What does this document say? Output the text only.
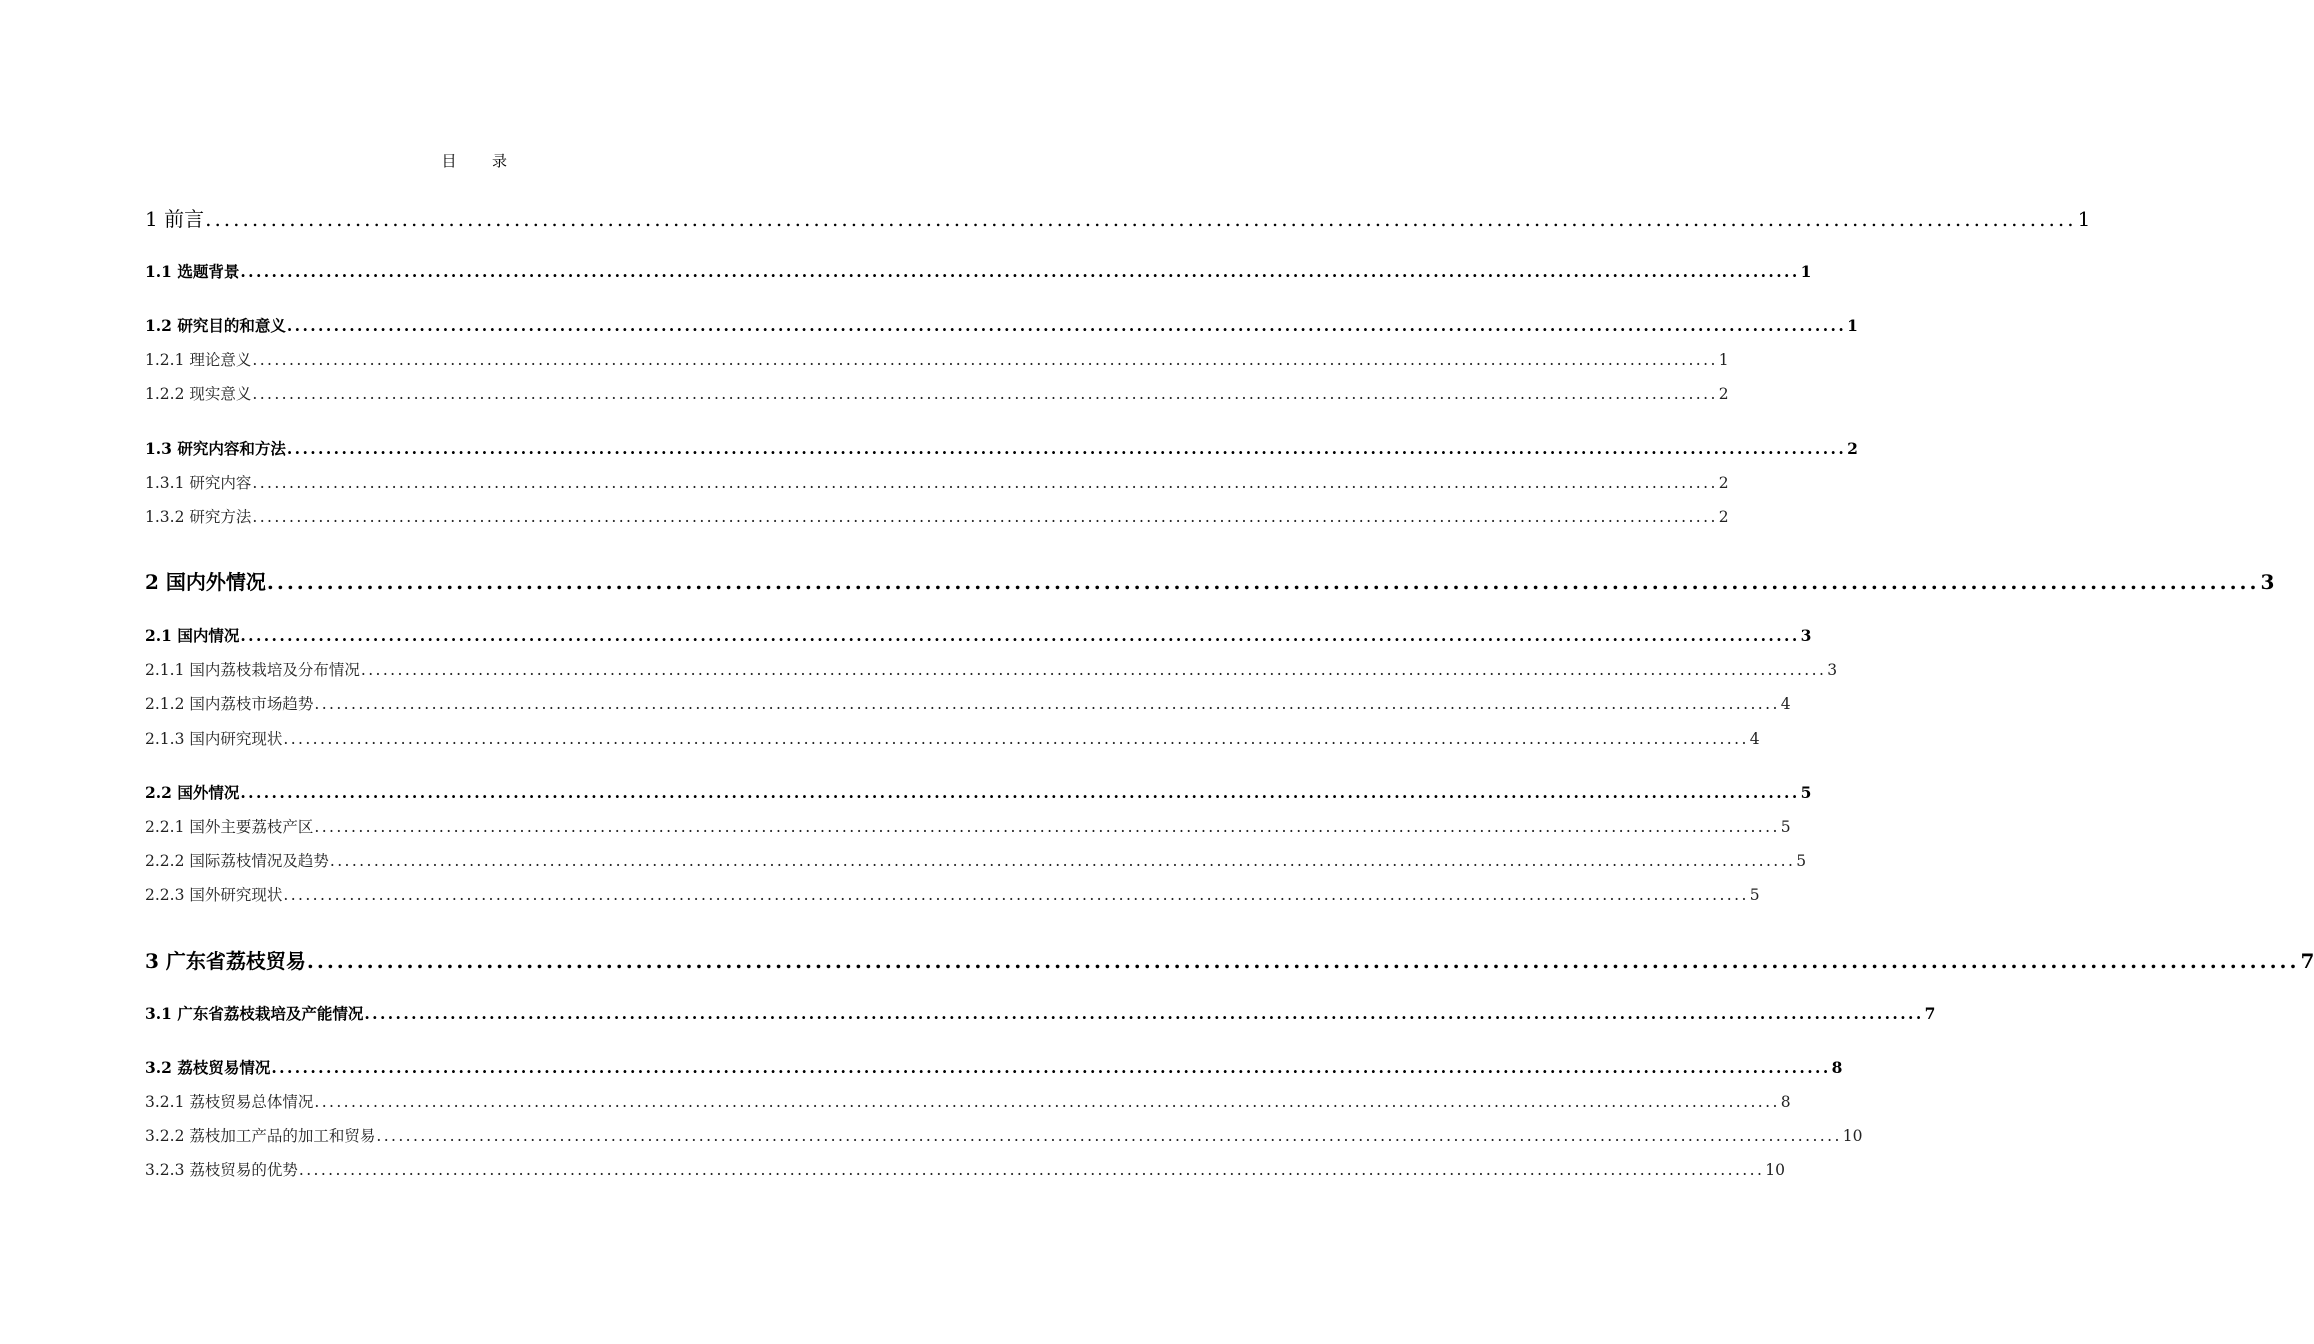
目 录
1 前言 ........................................................................................................................................................................................................ 1
1.1 选题背景 ........................................................................................................................................................................................................ 1
1.2 研究目的和意义 ........................................................................................................................................................................................................ 1
1.2.1 理论意义 ........................................................................................................................................................................................................ 1
1.2.2 现实意义 ........................................................................................................................................................................................................ 2
1.3 研究内容和方法 ........................................................................................................................................................................................................ 2
1.3.1 研究内容 ........................................................................................................................................................................................................ 2
1.3.2 研究方法 ........................................................................................................................................................................................................ 2
2 国内外情况 ........................................................................................................................................................................................................ 3
2.1 国内情况 ........................................................................................................................................................................................................ 3
2.1.1 国内荔枝栽培及分布情况 ........................................................................................................................................................................................................ 3
2.1.2 国内荔枝市场趋势 ........................................................................................................................................................................................................ 4
2.1.3 国内研究现状 ........................................................................................................................................................................................................ 4
2.2 国外情况 ........................................................................................................................................................................................................ 5
2.2.1 国外主要荔枝产区 ........................................................................................................................................................................................................ 5
2.2.2 国际荔枝情况及趋势 ........................................................................................................................................................................................................ 5
2.2.3 国外研究现状 ........................................................................................................................................................................................................ 5
3 广东省荔枝贸易 ........................................................................................................................................................................................................ 7
3.1 广东省荔枝栽培及产能情况 ........................................................................................................................................................................................................ 7
3.2 荔枝贸易情况 ........................................................................................................................................................................................................ 8
3.2.1 荔枝贸易总体情况 ........................................................................................................................................................................................................ 8
3.2.2 荔枝加工产品的加工和贸易 ........................................................................................................................................................................................................ 10
3.2.3 荔枝贸易的优势 ........................................................................................................................................................................................................ 10
